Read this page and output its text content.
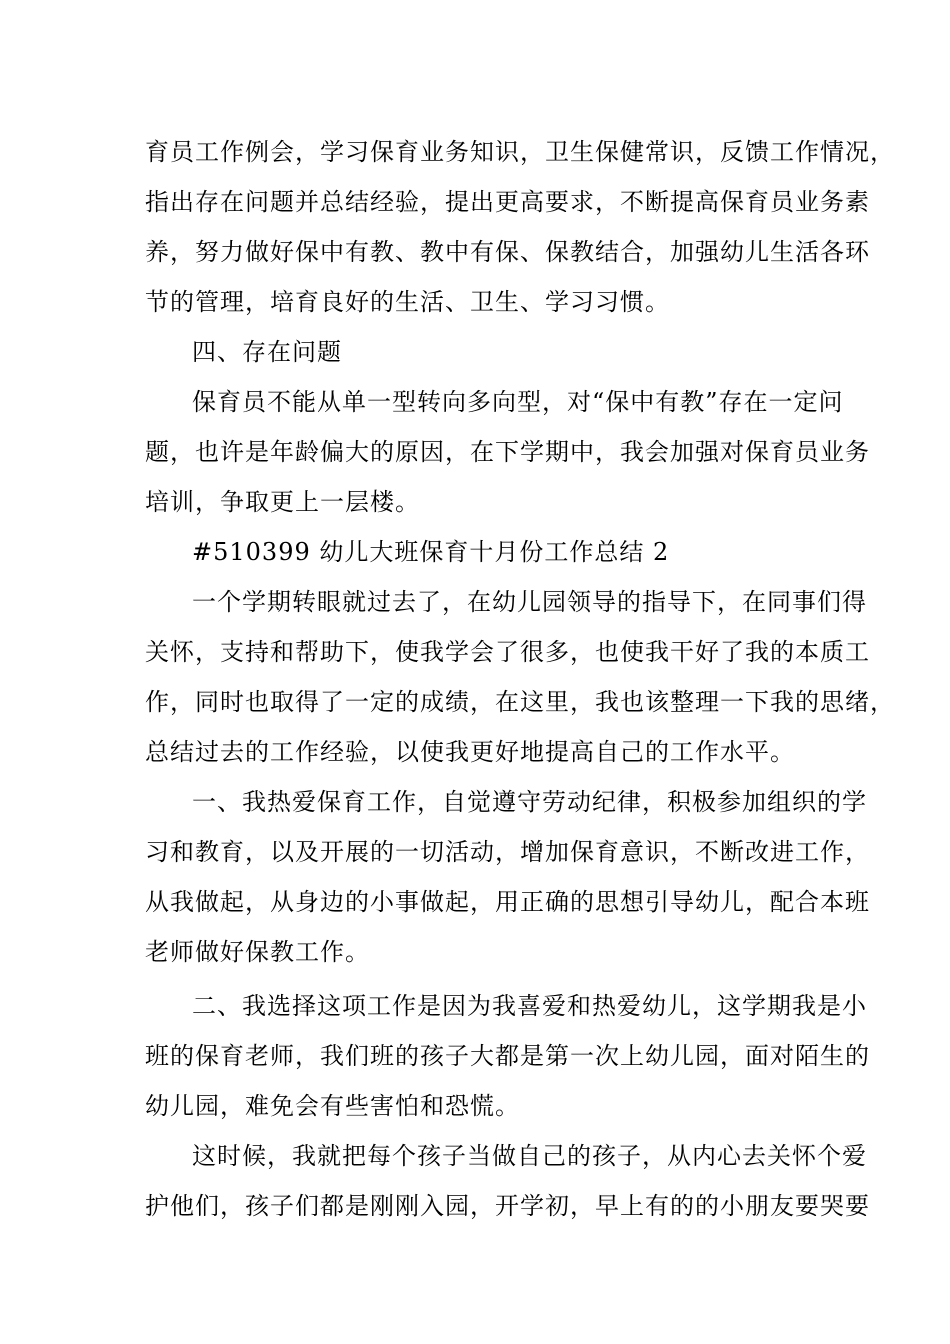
育员工作例会，学习保育业务知识，卫生保健常识，反馈工作情况，
指出存在问题并总结经验，提出更高要求，不断提高保育员业务素
养，努力做好保中有教、教中有保、保教结合，加强幼儿生活各环
节的管理，培育良好的生活、卫生、学习习惯。
四、存在问题
保育员不能从单一型转向多向型，对“保中有教”存在一定问
题，也许是年龄偏大的原因，在下学期中，我会加强对保育员业务
培训，争取更上一层楼。
#510399 幼儿大班保育十月份工作总结 2
一个学期转眼就过去了，在幼儿园领导的指导下，在同事们得
关怀，支持和帮助下，使我学会了很多，也使我干好了我的本质工
作，同时也取得了一定的成绩，在这里，我也该整理一下我的思绪，
总结过去的工作经验，以使我更好地提高自己的工作水平。
一、我热爱保育工作，自觉遵守劳动纪律，积极参加组织的学
习和教育，以及开展的一切活动，增加保育意识，不断改进工作，
从我做起，从身边的小事做起，用正确的思想引导幼儿，配合本班
老师做好保教工作。
二、我选择这项工作是因为我喜爱和热爱幼儿，这学期我是小
班的保育老师，我们班的孩子大都是第一次上幼儿园，面对陌生的
幼儿园，难免会有些害怕和恐慌。
这时候，我就把每个孩子当做自己的孩子，从内心去关怀个爱
护他们，孩子们都是刚刚入园，开学初，早上有的的小朋友要哭要
